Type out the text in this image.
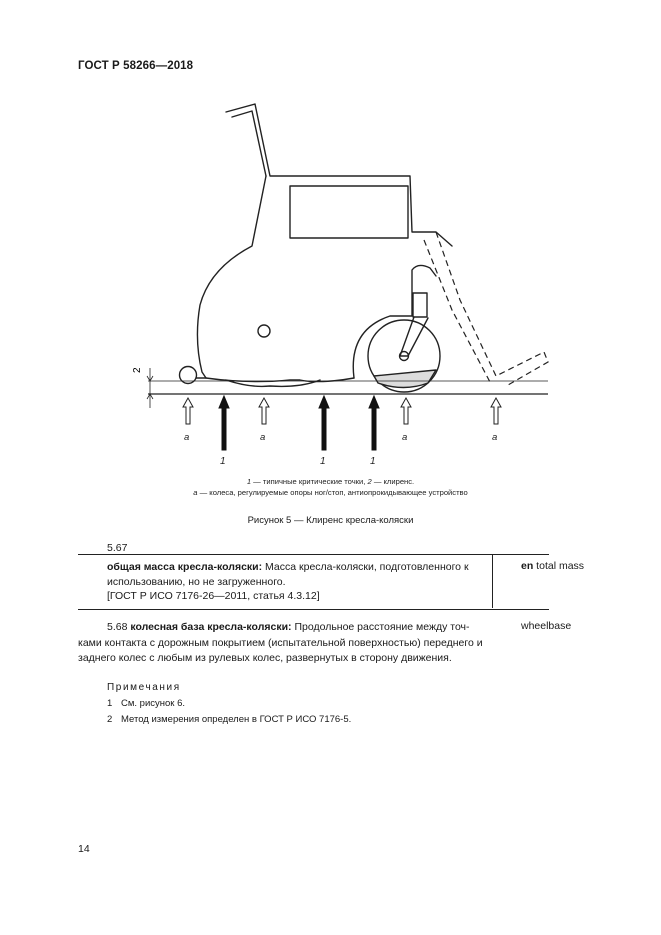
ГОСТ Р 58266—2018
2
a	a	a	a
1	1	1
1 — типичные критические точки, 2 — клиренс.
a — колеса, регулируемые опоры ног/стоп, антиопрокидывающее устройство
Рисунок 5 — Клиренс кресла-коляски
5.67
общая масса кресла-коляски: Масса кресла-коляски, подготовленного к использованию, но не загруженного.
[ГОСТ Р ИСО 7176-26—2011, статья 4.3.12]
en total mass
5.68 колесная база кресла-коляски: Продольное расстояние между точ-
ками контакта с дорожным покрытием (испытательной поверхностью) переднего и заднего колес с любым из рулевых колес, развернутых в сторону движения.
wheelbase
Примечания
1 См. рисунок 6.
2 Метод измерения определен в ГОСТ Р ИСО 7176-5.
14
